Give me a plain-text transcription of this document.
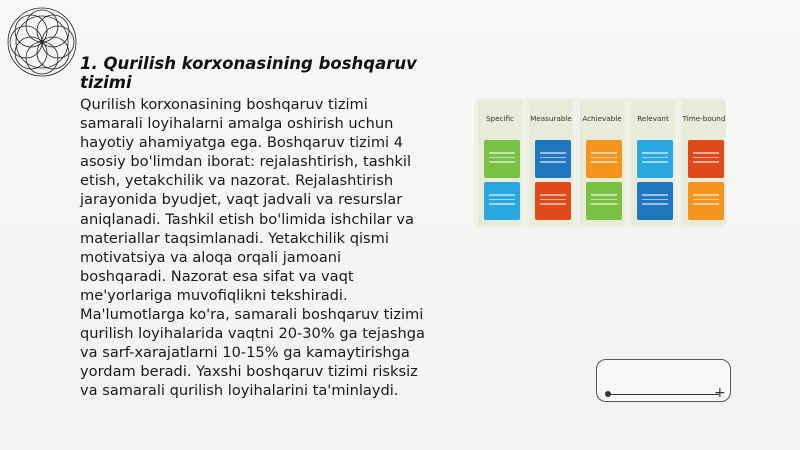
1. Qurilish korxonasining boshqaruv tizimi
Qurilish korxonasining boshqaruv tizimi samarali loyihalarni amalga oshirish uchun hayotiy ahamiyatga ega. Boshqaruv tizimi 4 asosiy bo'limdan iborat: rejalashtirish, tashkil etish, yetakchilik va nazorat. Rejalashtirish jarayonida byudjet, vaqt jadvali va resurslar aniqlanadi. Tashkil etish bo'limida ishchilar va materiallar taqsimlanadi. Yetakchilik qismi motivatsiya va aloqa orqali jamoani boshqaradi. Nazorat esa sifat va vaqt me'yorlariga muvofiqlikni tekshiradi. Ma'lumotlarga ko'ra, samarali boshqaruv tizimi qurilish loyihalarida vaqtni 20-30% ga tejashga va sarf-xarajatlarni 10-15% ga kamaytirishga yordam beradi. Yaxshi boshqaruv tizimi risksiz va samarali qurilish loyihalarini ta'minlaydi.
Specific	Measurable	Achievable	Relevant	Time-bound
+
